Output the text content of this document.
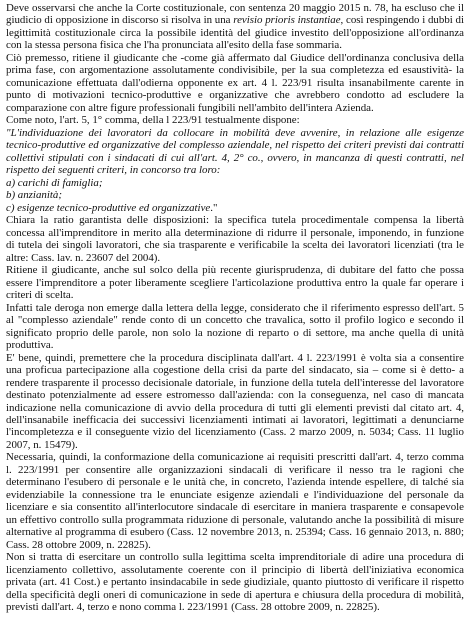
Deve osservarsi che anche la Corte costituzionale, con sentenza 20 maggio 2015 n. 78, ha escluso che il giudicio di opposizione in discorso si risolva in una revisio prioris instantiae, così respingendo i dubbi di legittimità costituzionale circa la possibile identità del giudice investito dell'opposizione all'ordinanza con la stessa persona fisica che l'ha pronunciata all'esito della fase sommaria.

Ciò premesso, ritiene il giudicante che -come già affermato dal Giudice dell'ordinanza conclusiva della prima fase, con argomentazione assolutamente condivisibile, per la sua completezza ed esaustività- la comunicazione effettuata dall'odierna opponente ex art. 4 l. 223/91 risulta insanabilmente carente in punto di motivazioni tecnico-produttive e organizzative che avrebbero condotto ad escludere la comparazione con altre figure professionali fungibili nell'ambito dell'intera Azienda.

Come noto, l'art. 5, 1° comma, della l 223/91 testualmente dispone:

"L'individuazione dei lavoratori da collocare in mobilità deve avvenire, in relazione alle esigenze tecnico-produttive ed organizzative del complesso aziendale, nel rispetto dei criteri previsti dai contratti collettivi stipulati con i sindacati di cui all'art. 4, 2° co., ovvero, in mancanza di questi contratti, nel rispetto dei seguenti criteri, in concorso tra loro:
a) carichi di famiglia;
b) anzianità;
c) esigenze tecnico-produttive ed organizzative."

Chiara la ratio garantista delle disposizioni: la specifica tutela procedimentale compensa la libertà concessa all'imprenditore in merito alla determinazione di ridurre il personale, imponendo, in funzione di tutela dei singoli lavoratori, che sia trasparente e verificabile la scelta dei lavoratori licenziati (tra le altre: Cass. lav. n. 23607 del 2004).

Ritiene il giudicante, anche sul solco della più recente giurisprudenza, di dubitare del fatto che possa essere l'imprenditore a poter liberamente scegliere l'articolazione produttiva entro la quale far operare i criteri di scelta.

Infatti tale deroga non emerge dalla lettera della legge, considerato che il riferimento espresso dell'art. 5 al "complesso aziendale" rende conto di un concetto che travalica, sotto il profilo logico e secondo il significato proprio delle parole, non solo la nozione di reparto o di settore, ma anche quella di unità produttiva.

E' bene, quindi, premettere che la procedura disciplinata dall'art. 4 l. 223/1991 è volta sia a consentire una proficua partecipazione alla cogestione della crisi da parte del sindacato, sia – come si è detto- a rendere trasparente il processo decisionale datoriale, in funzione della tutela dell'interesse del lavoratore destinato potenzialmente ad essere estromesso dall'azienda: con la conseguenza, nel caso di mancata indicazione nella comunicazione di avvio della procedura di tutti gli elementi previsti dal citato art. 4, dell'insanabile inefficacia dei successivi licenziamenti intimati ai lavoratori, legittimati a denunciarne l'incompletezza e il conseguente vizio del licenziamento (Cass. 2 marzo 2009, n. 5034; Cass. 11 luglio 2007, n. 15479).

Necessaria, quindi, la conformazione della comunicazione ai requisiti prescritti dall'art. 4, terzo comma l. 223/1991 per consentire alle organizzazioni sindacali di verificare il nesso tra le ragioni che determinano l'esubero di personale e le unità che, in concreto, l'azienda intende espellere, di talché sia evidenziabile la connessione tra le enunciate esigenze aziendali e l'individuazione del personale da licenziare e sia consentito all'interlocutore sindacale di esercitare in maniera trasparente e consapevole un effettivo controllo sulla programmata riduzione di personale, valutando anche la possibilità di misure alternative al programma di esubero (Cass. 12 novembre 2013, n. 25394; Cass. 16 gennaio 2013, n. 880; Cass. 28 ottobre 2009, n. 22825).

Non si tratta di esercitare un controllo sulla legittima scelta imprenditoriale di adire una procedura di licenziamento collettivo, assolutamente coerente con il principio di libertà dell'iniziativa economica privata (art. 41 Cost.) e pertanto insindacabile in sede giudiziale, quanto piuttosto di verificare il rispetto della specificità degli oneri di comunicazione in sede di apertura e chiusura della procedura di mobilità, previsti dall'art. 4, terzo e nono comma l. 223/1991 (Cass. 28 ottobre 2009, n. 22825).
